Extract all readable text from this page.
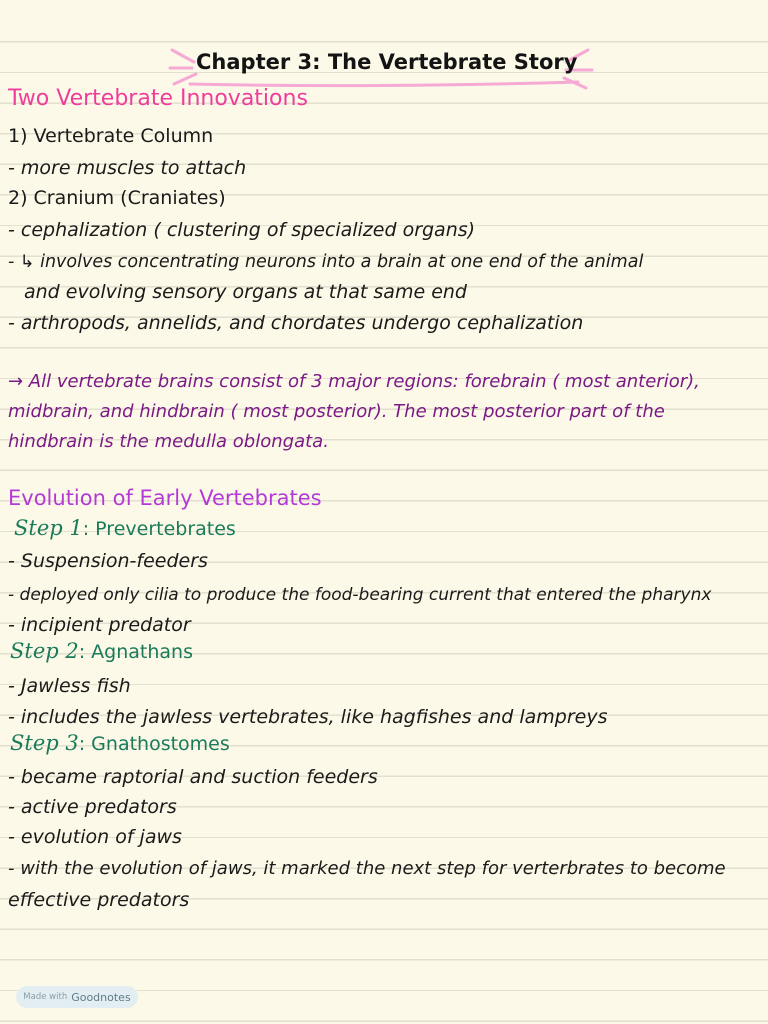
Chapter 3: The Vertebrate Story
Two Vertebrate Innovations
1) Vertebrate Column
- more muscles to attach
2) Cranium (Craniates)
- cephalization ( clustering of specialized organs)
- ↳ involves concentrating neurons into a brain at one end of the animal
and evolving sensory organs at that same end
- arthropods, annelids, and chordates undergo cephalization
→ All vertebrate brains consist of 3 major regions: forebrain ( most anterior),
midbrain, and hindbrain ( most posterior). The most posterior part of the
hindbrain is the medulla oblongata.
Evolution of Early Vertebrates
Step 1: Prevertebrates
- Suspension-feeders
- deployed only cilia to produce the food-bearing current that entered the pharynx
- incipient predator
Step 2: Agnathans
- Jawless fish
- includes the jawless vertebrates, like hagfishes and lampreys
Step 3: Gnathostomes
- became raptorial and suction feeders
- active predators
- evolution of jaws
- with the evolution of jaws, it marked the next step for verterbrates to become
effective predators
Made with Goodnotes
